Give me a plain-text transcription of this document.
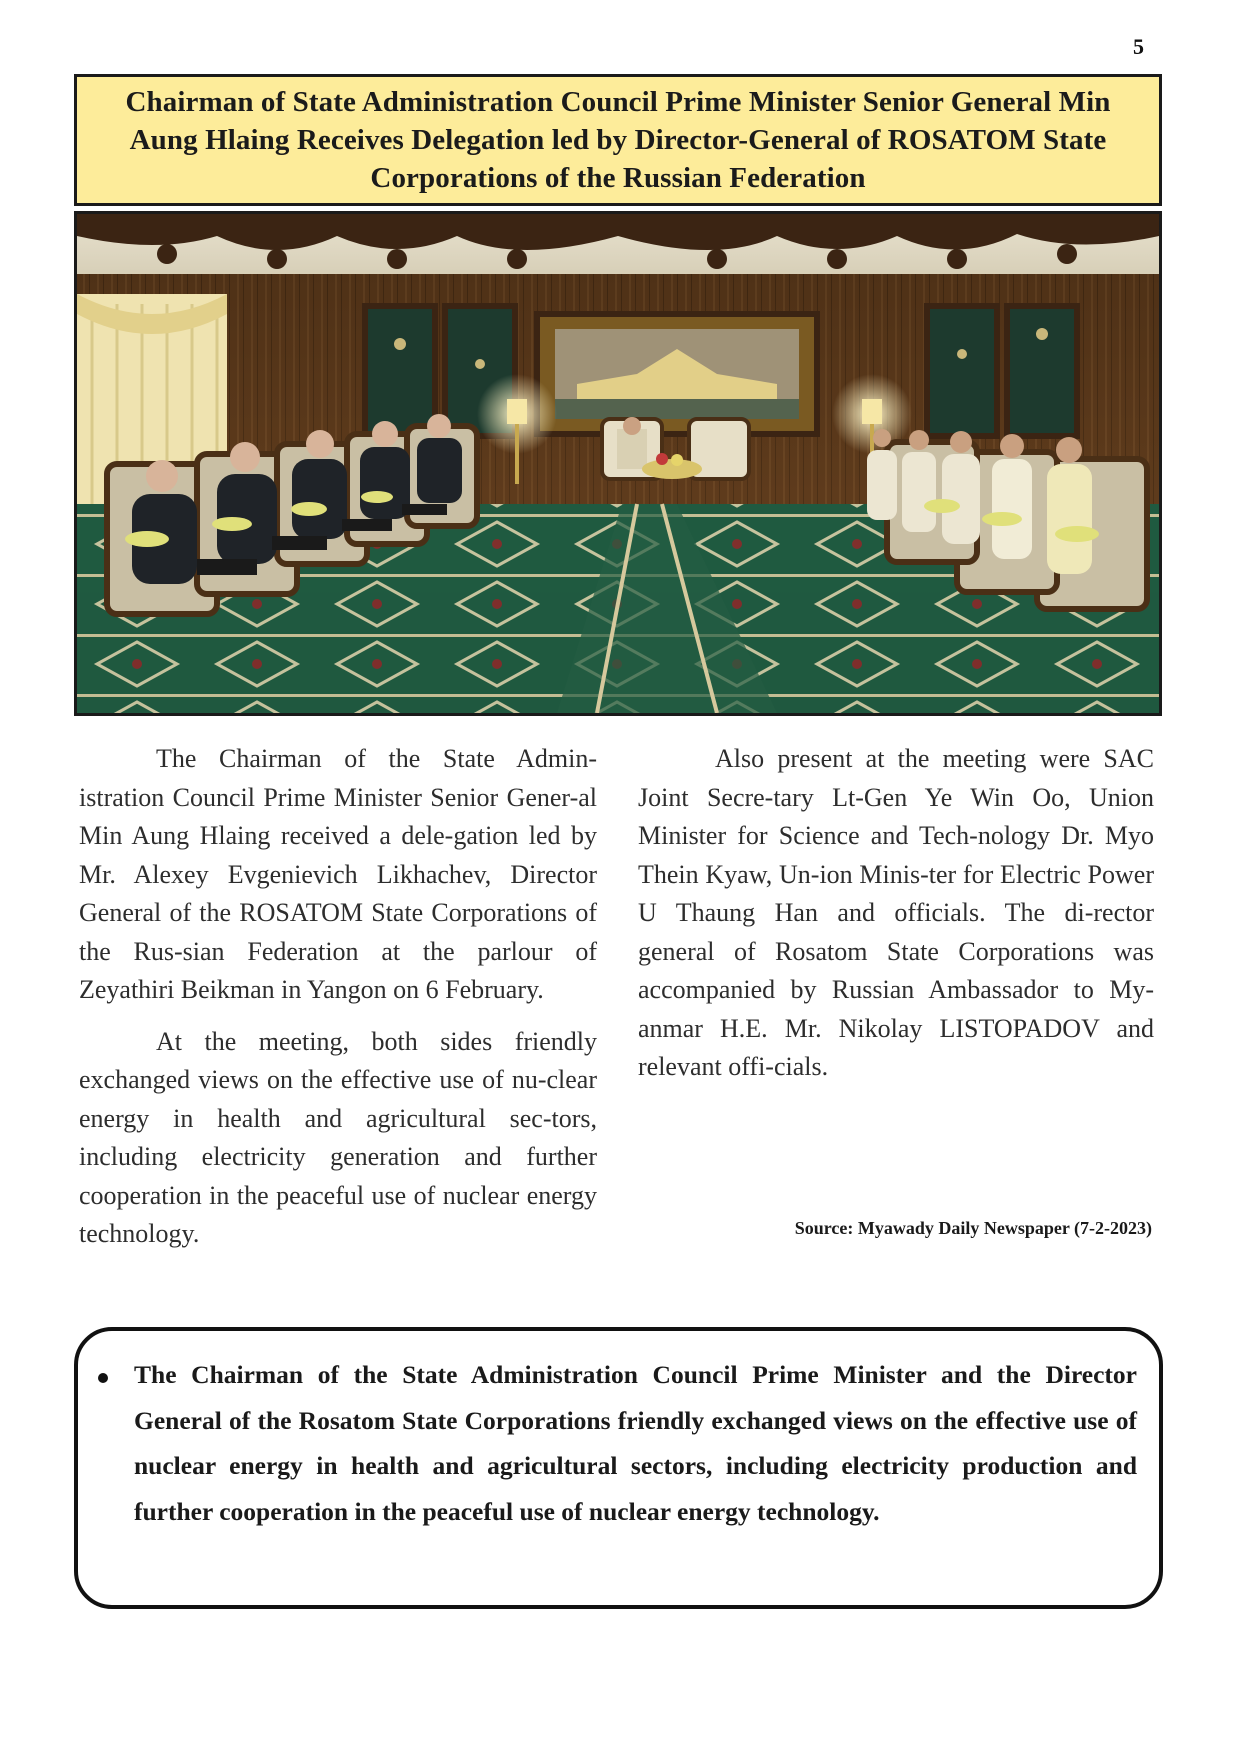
5
Chairman of State Administration Council Prime Minister Senior General Min Aung Hlaing Receives Delegation led by Director-General of ROSATOM State Corporations of the Russian Federation

The Chairman of the State Admin-istration Council Prime Minister Senior Gener-al Min Aung Hlaing received a dele-gation led by Mr. Alexey Evgenievich Likhachev, Director General of the ROSATOM State Corporations of the Rus-sian Federation at the parlour of Zeyathiri Beikman in Yangon on 6 February.

At the meeting, both sides friendly exchanged views on the effective use of nu-clear energy in health and agricultural sec-tors, including electricity generation and further cooperation in the peaceful use of nuclear energy technology.

Also present at the meeting were SAC Joint Secre-tary Lt-Gen Ye Win Oo, Union Minister for Science and Tech-nology Dr. Myo Thein Kyaw, Un-ion Minis-ter for Electric Power U Thaung Han and officials. The di-rector general of Rosatom State Corporations was accompanied by Russian Ambassador to My-anmar H.E. Mr. Nikolay LISTOPADOV and relevant offi-cials.

Source: Myawady Daily Newspaper (7-2-2023)

The Chairman of the State Administration Council Prime Minister and the Director General of the Rosatom State Corporations friendly exchanged views on the effective use of nuclear energy in health and agricultural sectors, including electricity production and further cooperation in the peaceful use of nuclear energy technology.
